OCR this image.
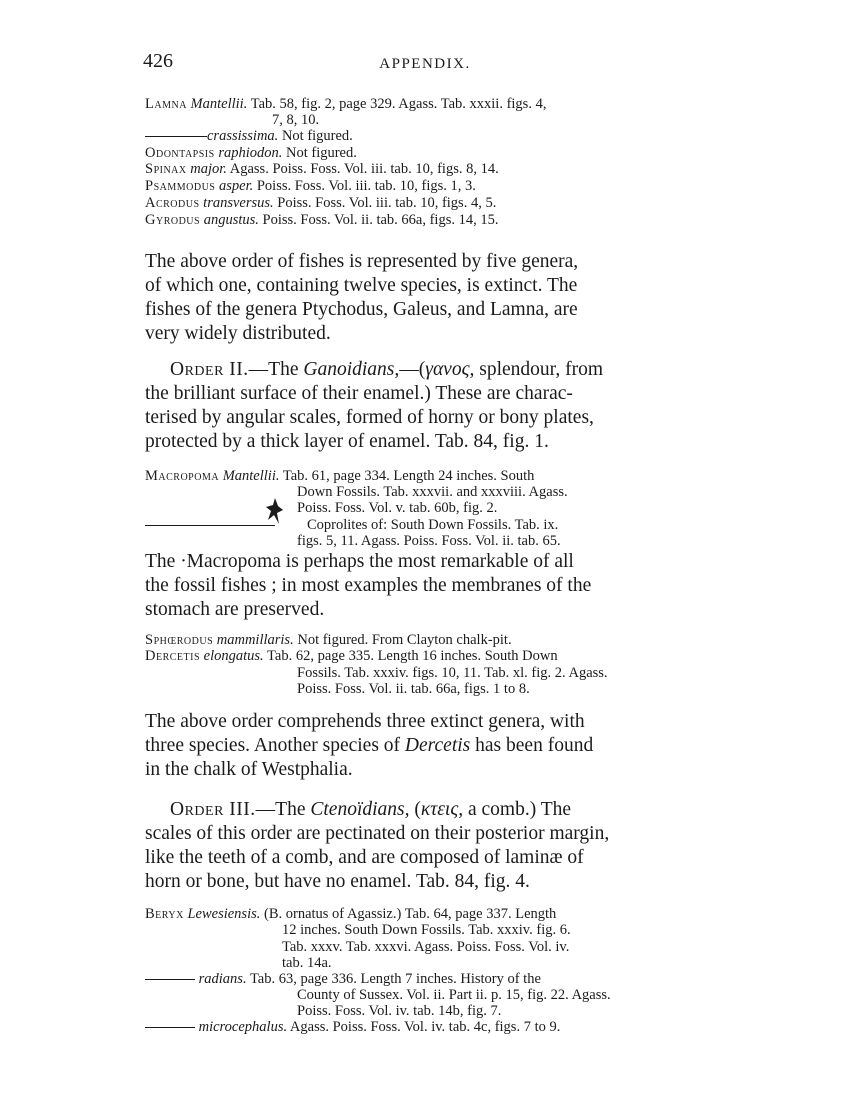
426	APPENDIX.
Lamna Mantellii. Tab. 58, fig. 2, page 329. Agass. Tab. xxxii. figs. 4,
7, 8, 10.
crassissima. Not figured.
Odontapsis raphiodon. Not figured.
Spinax major. Agass. Poiss. Foss. Vol. iii. tab. 10, figs. 8, 14.
Psammodus asper. Poiss. Foss. Vol. iii. tab. 10, figs. 1, 3.
Acrodus transversus. Poiss. Foss. Vol. iii. tab. 10, figs. 4, 5.
Gyrodus angustus. Poiss. Foss. Vol. ii. tab. 66a, figs. 14, 15.
The above order of fishes is represented by five genera,
of which one, containing twelve species, is extinct. The
fishes of the genera Ptychodus, Galeus, and Lamna, are
very widely distributed.
Order II.—The Ganoidians,—(γανος, splendour, from
the brilliant surface of their enamel.) These are charac-
terised by angular scales, formed of horny or bony plates,
protected by a thick layer of enamel. Tab. 84, fig. 1.
Macropoma Mantellii. Tab. 61, page 334. Length 24 inches. South
Down Fossils. Tab. xxxvii. and xxxviii. Agass.
Poiss. Foss. Vol. v. tab. 60b, fig. 2.
Coprolites of: South Down Fossils. Tab. ix.
figs. 5, 11. Agass. Poiss. Foss. Vol. ii. tab. 65.
The ·Macropoma is perhaps the most remarkable of all
the fossil fishes ; in most examples the membranes of the
stomach are preserved.
Sphœrodus mammillaris. Not figured. From Clayton chalk-pit.
Dercetis elongatus. Tab. 62, page 335. Length 16 inches. South Down
Fossils. Tab. xxxiv. figs. 10, 11. Tab. xl. fig. 2. Agass.
Poiss. Foss. Vol. ii. tab. 66a, figs. 1 to 8.
The above order comprehends three extinct genera, with
three species. Another species of Dercetis has been found
in the chalk of Westphalia.
Order III.—The Ctenoïdians, (κτεις, a comb.) The
scales of this order are pectinated on their posterior margin,
like the teeth of a comb, and are composed of laminæ of
horn or bone, but have no enamel. Tab. 84, fig. 4.
Beryx Lewesiensis. (B. ornatus of Agassiz.) Tab. 64, page 337. Length
12 inches. South Down Fossils. Tab. xxxiv. fig. 6.
Tab. xxxv. Tab. xxxvi. Agass. Poiss. Foss. Vol. iv.
tab. 14a.
radians. Tab. 63, page 336. Length 7 inches. History of the
County of Sussex. Vol. ii. Part ii. p. 15, fig. 22. Agass.
Poiss. Foss. Vol. iv. tab. 14b, fig. 7.
microcephalus. Agass. Poiss. Foss. Vol. iv. tab. 4c, figs. 7 to 9.
